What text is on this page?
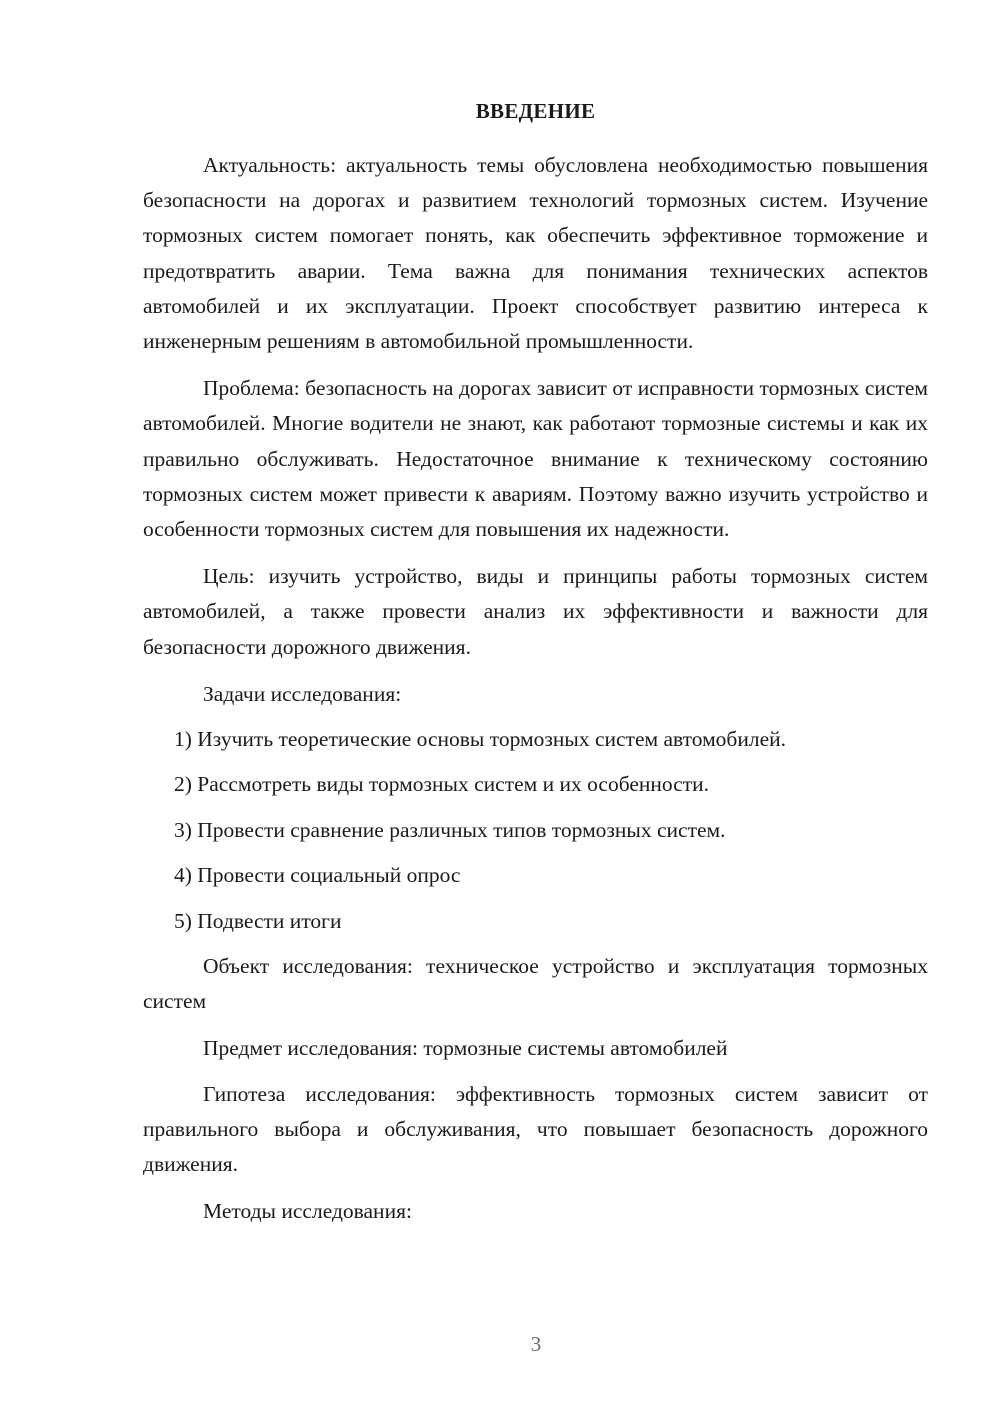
ВВЕДЕНИЕ

Актуальность: актуальность темы обусловлена необходимостью повышения безопасности на дорогах и развитием технологий тормозных систем. Изучение тормозных систем помогает понять, как обеспечить эффективное торможение и предотвратить аварии. Тема важна для понимания технических аспектов автомобилей и их эксплуатации. Проект способствует развитию интереса к инженерным решениям в автомобильной промышленности.

Проблема: безопасность на дорогах зависит от исправности тормозных систем автомобилей. Многие водители не знают, как работают тормозные системы и как их правильно обслуживать. Недостаточное внимание к техническому состоянию тормозных систем может привести к авариям. Поэтому важно изучить устройство и особенности тормозных систем для повышения их надежности.

Цель: изучить устройство, виды и принципы работы тормозных систем автомобилей, а также провести анализ их эффективности и важности для безопасности дорожного движения.

Задачи исследования:

1) Изучить теоретические основы тормозных систем автомобилей.
2) Рассмотреть виды тормозных систем и их особенности.
3) Провести сравнение различных типов тормозных систем.
4) Провести социальный опрос
5) Подвести итоги

Объект исследования: техническое устройство и эксплуатация тормозных систем

Предмет исследования: тормозные системы автомобилей

Гипотеза исследования: эффективность тормозных систем зависит от правильного выбора и обслуживания, что повышает безопасность дорожного движения.

Методы исследования:

3
